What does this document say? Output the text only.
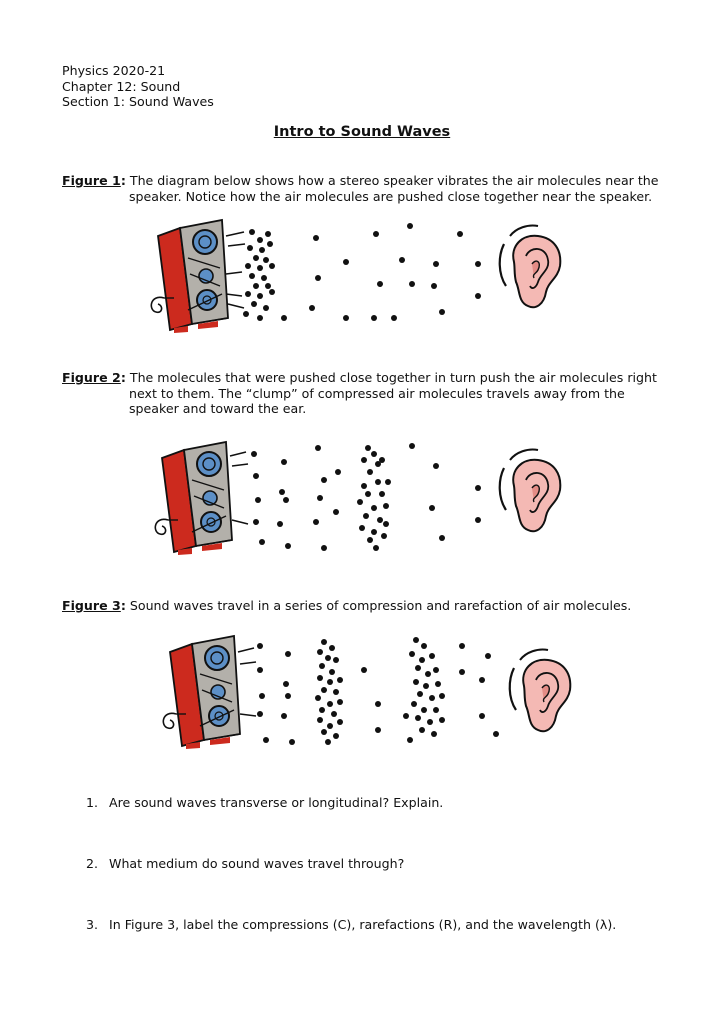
Physics 2020-21
Chapter 12: Sound
Section 1: Sound Waves
Intro to Sound Waves
Figure 1: The diagram below shows how a stereo speaker vibrates the air molecules near the
speaker. Notice how the air molecules are pushed close together near the speaker.
Figure 2: The molecules that were pushed close together in turn push the air molecules right
next to them. The “clump” of compressed air molecules travels away from the
speaker and toward the ear.
Figure 3: Sound waves travel in a series of compression and rarefaction of air molecules.
1. Are sound waves transverse or longitudinal? Explain.
2. What medium do sound waves travel through?
3. In Figure 3, label the compressions (C), rarefactions (R), and the wavelength (λ).
